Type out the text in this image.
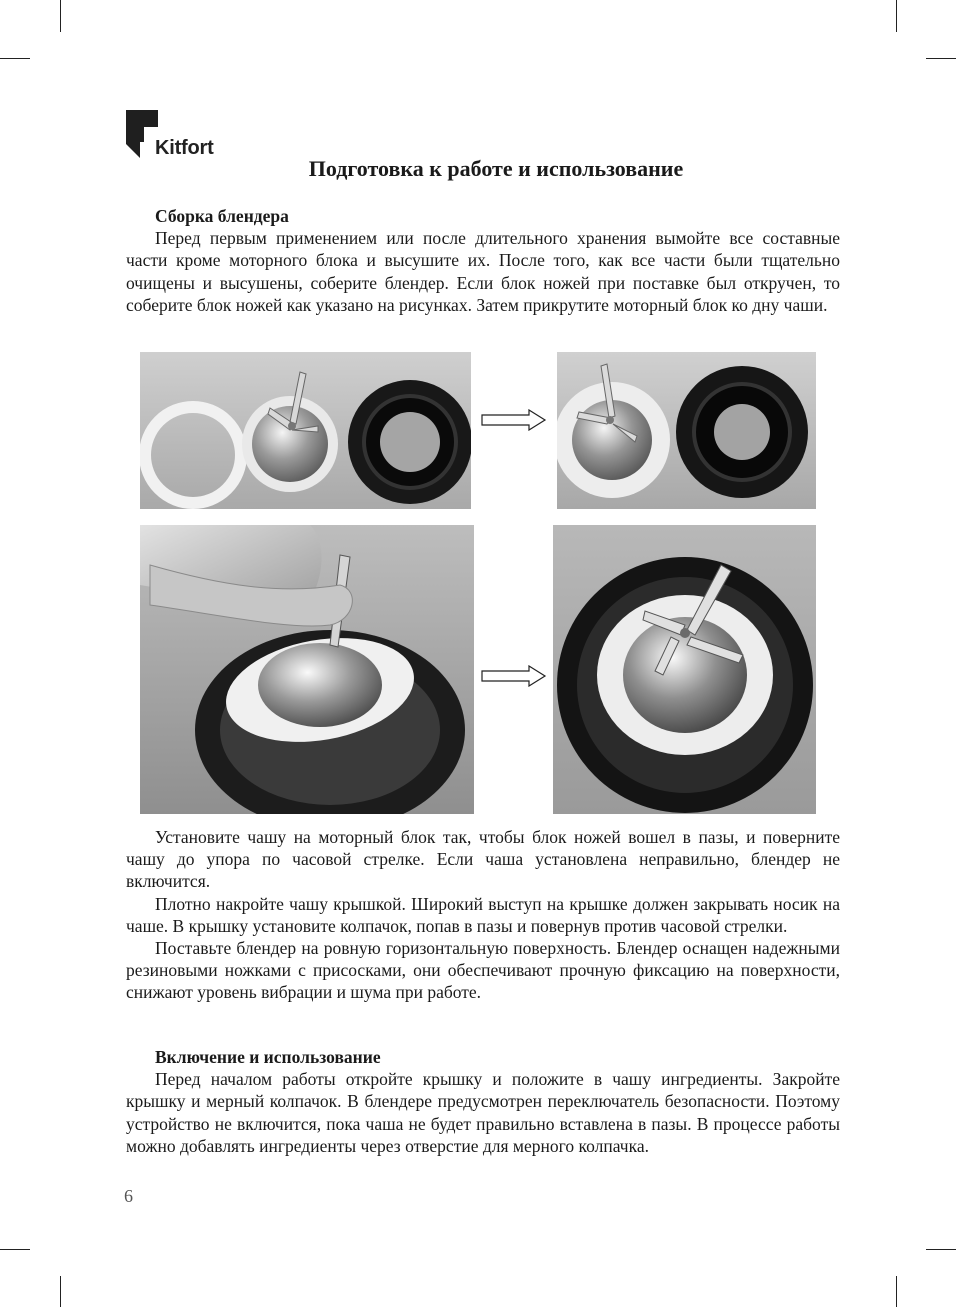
Kitfort
Подготовка к работе и использование
Сборка блендера

Перед первым применением или после длительного хранения вымойте все составные части кроме моторного блока и высушите их. После того, как все части были тщательно очищены и высушены, соберите блендер. Если блок ножей при поставке был откручен, то соберите блок ножей как указано на рисунках. Затем прикрутите моторный блок ко дну чаши.

Установите чашу на моторный блок так, чтобы блок ножей вошел в пазы, и поверните чашу до упора по часовой стрелке. Если чаша установлена неправильно, блендер не включится.

Плотно накройте чашу крышкой. Широкий выступ на крышке должен закрывать носик на чаше. В крышку установите колпачок, попав в пазы и повернув против часовой стрелки.

Поставьте блендер на ровную горизонтальную поверхность. Блендер оснащен надежными резиновыми ножками с присосками, они обеспечивают прочную фиксацию на поверхности, снижают уровень вибрации и шума при работе.

Включение и использование

Перед началом работы откройте крышку и положите в чашу ингредиенты. Закройте крышку и мерный колпачок. В блендере предусмотрен переключатель безопасности. Поэтому устройство не включится, пока чаша не будет правильно вставлена в пазы. В процессе работы можно добавлять ингредиенты через отверстие для мерного колпачка.

6
